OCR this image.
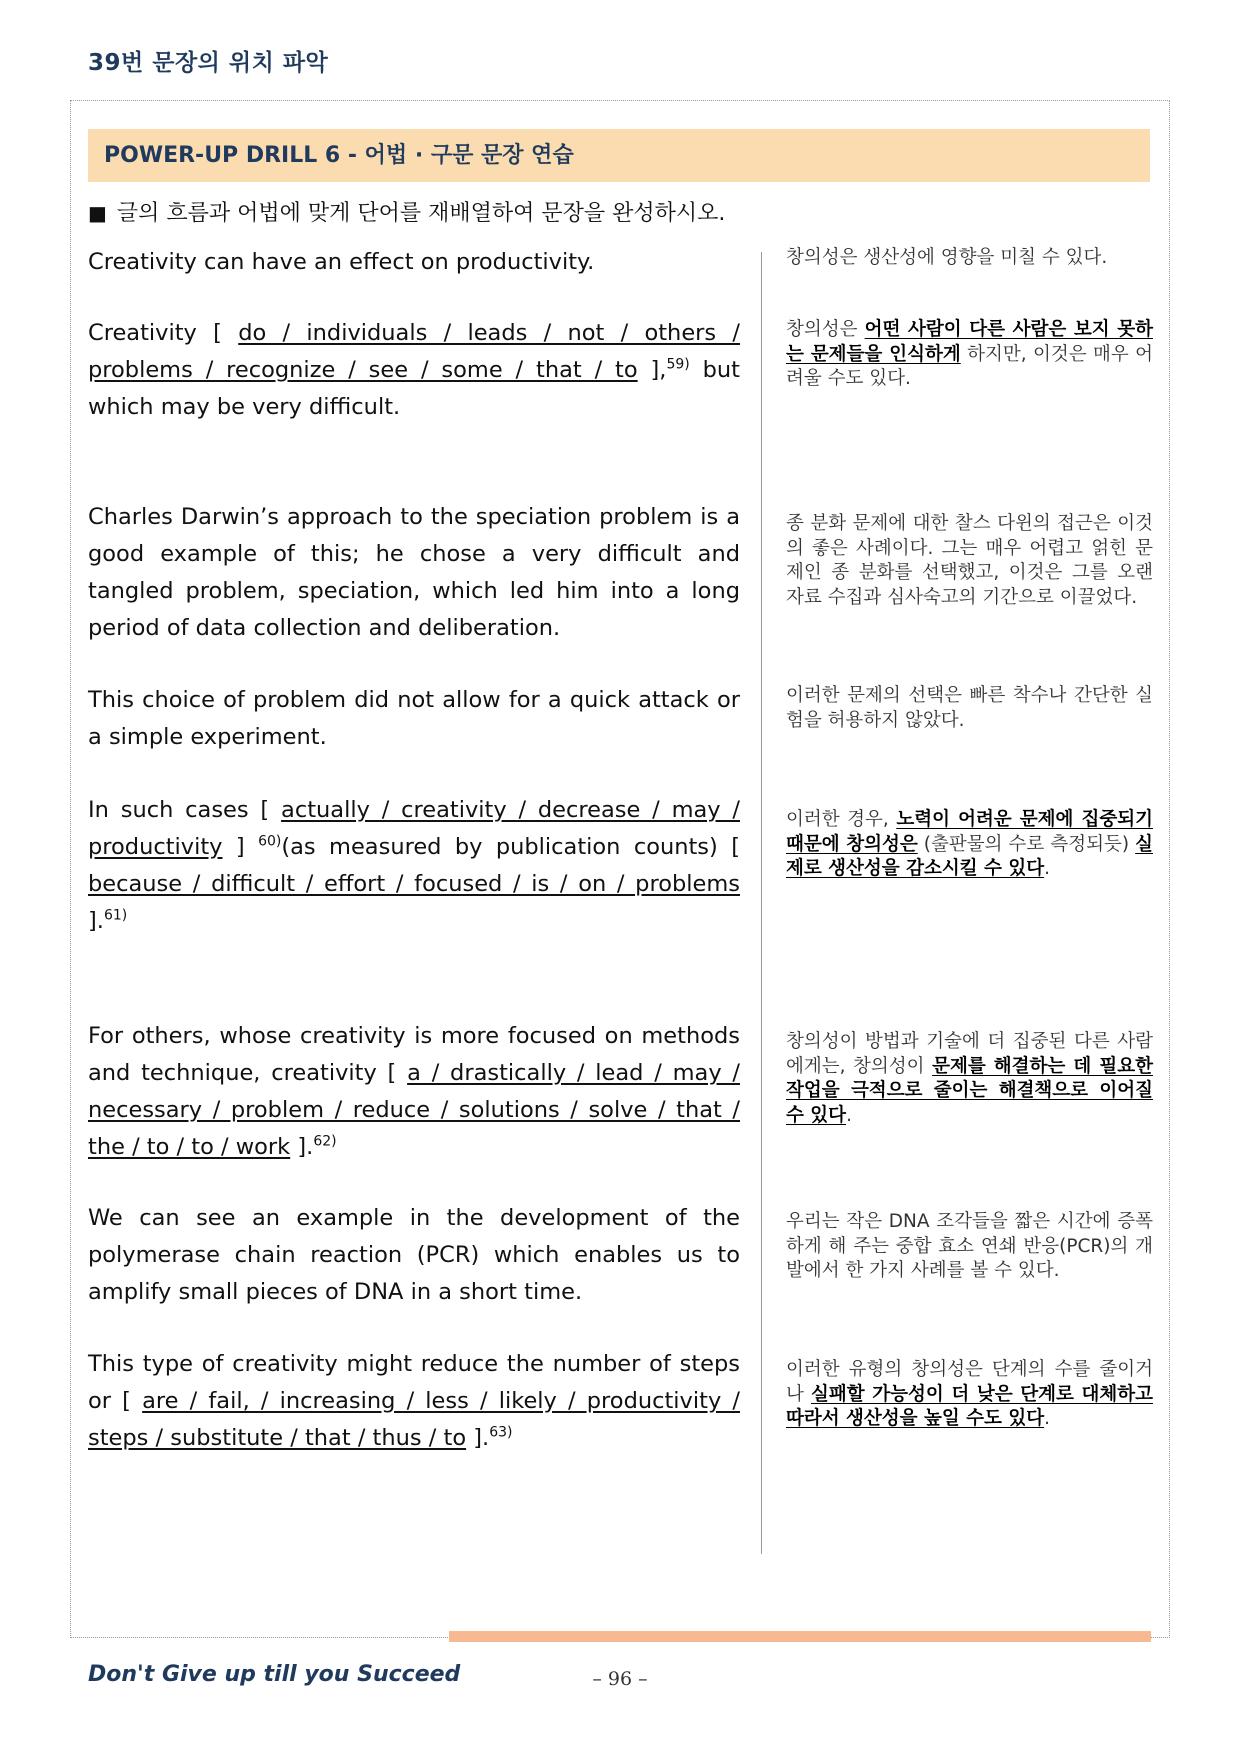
39번 문장의 위치 파악
POWER-UP DRILL 6 - 어법 · 구문 문장 연습
■ 글의 흐름과 어법에 맞게 단어를 재배열하여 문장을 완성하시오.
Creativity can have an effect on productivity.	창의성은 생산성에 영향을 미칠 수 있다.
Creativity [ do / individuals / leads / not / others / problems / recognize / see / some / that / to ],$^{59)}$ but which may be very difficult.
창의성은 어떤 사람이 다른 사람은 보지 못하는 문제들을 인식하게 하지만, 이것은 매우 어려울 수도 있다.
Charles Darwin’s approach to the speciation problem is a good example of this; he chose a very difficult and tangled problem, speciation, which led him into a long period of data collection and deliberation.
종 분화 문제에 대한 찰스 다윈의 접근은 이것의 좋은 사례이다. 그는 매우 어렵고 얽힌 문제인 종 분화를 선택했고, 이것은 그를 오랜 자료 수집과 심사숙고의 기간으로 이끌었다.
This choice of problem did not allow for a quick attack or a simple experiment.
이러한 문제의 선택은 빠른 착수나 간단한 실험을 허용하지 않았다.
In such cases [ actually / creativity / decrease / may / productivity ] $^{60)}$(as measured by publication counts) [ because / difficult / effort / focused / is / on / problems ].$^{61)}$
이러한 경우, 노력이 어려운 문제에 집중되기 때문에 창의성은 (출판물의 수로 측정되듯) 실제로 생산성을 감소시킬 수 있다.
For others, whose creativity is more focused on methods and technique, creativity [ a / drastically / lead / may / necessary / problem / reduce / solutions / solve / that / the / to / to / work ].$^{62)}$
창의성이 방법과 기술에 더 집중된 다른 사람에게는, 창의성이 문제를 해결하는 데 필요한 작업을 극적으로 줄이는 해결책으로 이어질 수 있다.
We can see an example in the development of the polymerase chain reaction (PCR) which enables us to amplify small pieces of DNA in a short time.
우리는 작은 DNA 조각들을 짧은 시간에 증폭하게 해 주는 중합 효소 연쇄 반응(PCR)의 개발에서 한 가지 사례를 볼 수 있다.
This type of creativity might reduce the number of steps or [ are / fail, / increasing / less / likely / productivity / steps / substitute / that / thus / to ].$^{63)}$
이러한 유형의 창의성은 단계의 수를 줄이거나 실패할 가능성이 더 낮은 단계로 대체하고 따라서 생산성을 높일 수도 있다.
Don't Give up till you Succeed	– 96 –
